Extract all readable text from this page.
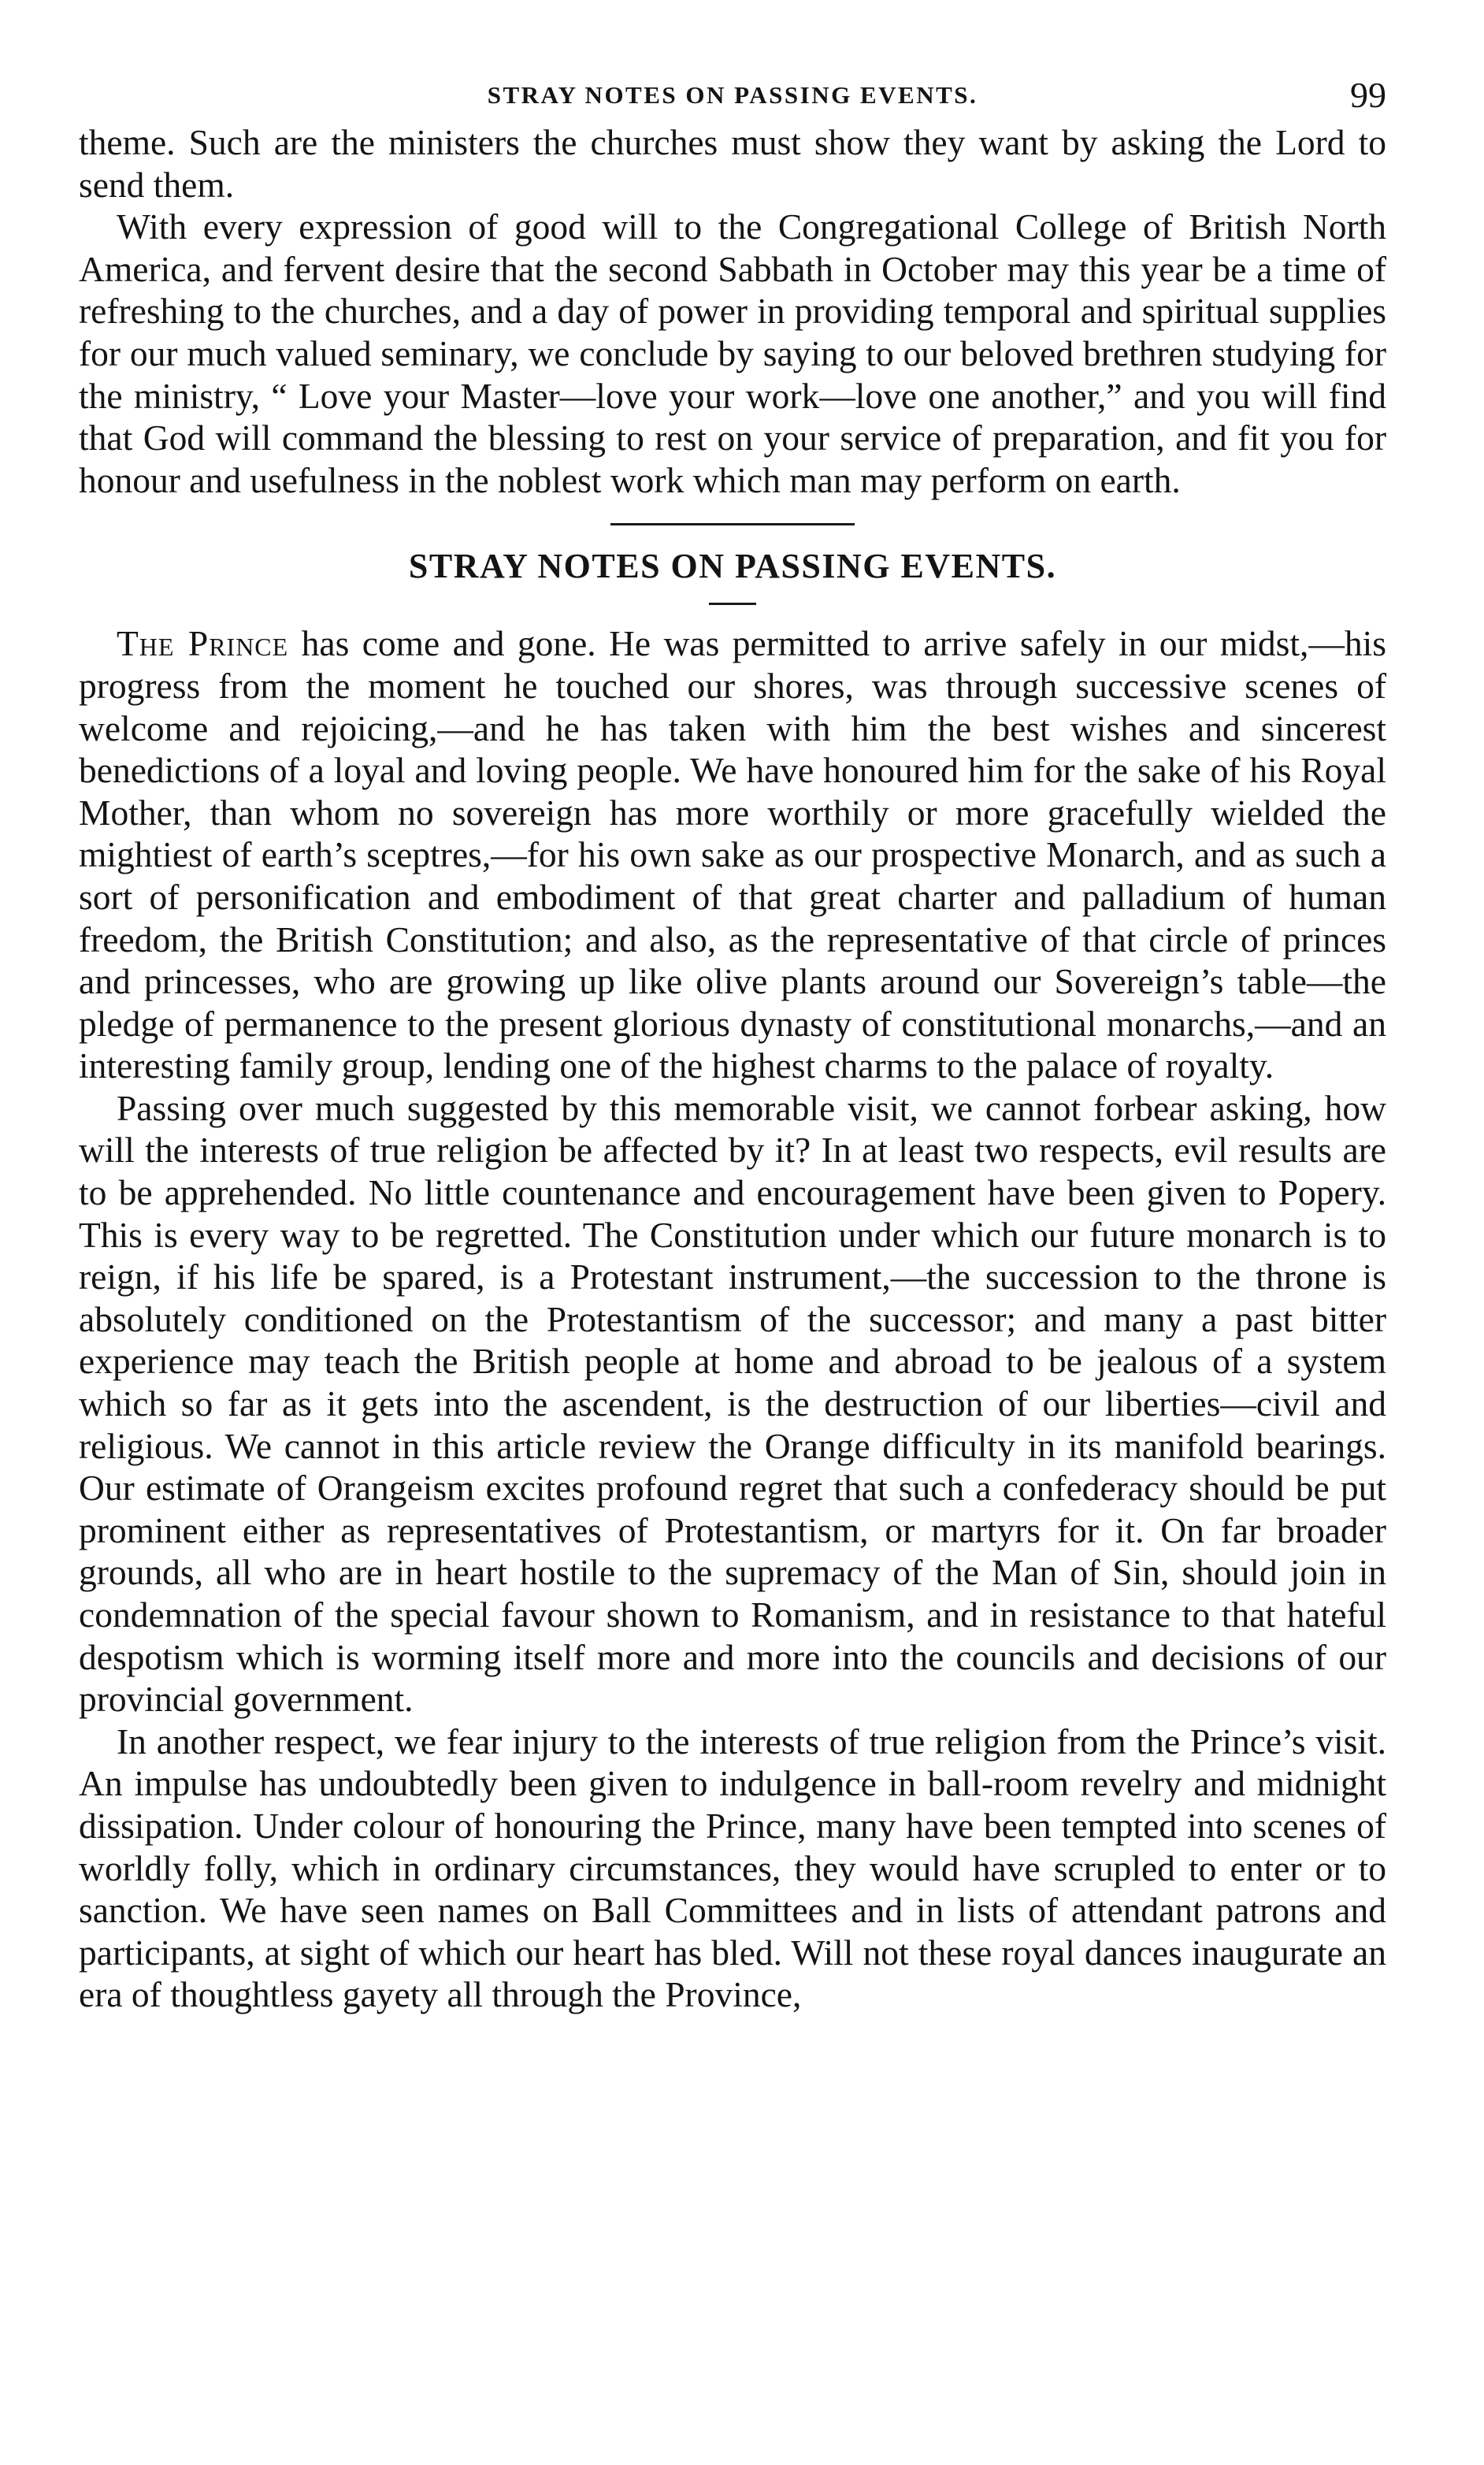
STRAY NOTES ON PASSING EVENTS.	99

theme. Such are the ministers the churches must show they want by asking the Lord to send them.

With every expression of good will to the Congregational College of British North America, and fervent desire that the second Sabbath in October may this year be a time of refreshing to the churches, and a day of power in providing temporal and spiritual supplies for our much valued seminary, we conclude by saying to our beloved brethren studying for the ministry, “ Love your Master—love your work—love one another,” and you will find that God will command the blessing to rest on your service of preparation, and fit you for honour and usefulness in the noblest work which man may perform on earth.

STRAY NOTES ON PASSING EVENTS.

The Prince has come and gone. He was permitted to arrive safely in our midst,—his progress from the moment he touched our shores, was through successive scenes of welcome and rejoicing,—and he has taken with him the best wishes and sincerest benedictions of a loyal and loving people. We have honoured him for the sake of his Royal Mother, than whom no sovereign has more worthily or more gracefully wielded the mightiest of earth’s sceptres,—for his own sake as our prospective Monarch, and as such a sort of personification and embodiment of that great charter and palladium of human freedom, the British Constitution; and also, as the representative of that circle of princes and princesses, who are growing up like olive plants around our Sovereign’s table—the pledge of permanence to the present glorious dynasty of constitutional monarchs,—and an interesting family group, lending one of the highest charms to the palace of royalty.

Passing over much suggested by this memorable visit, we cannot forbear asking, how will the interests of true religion be affected by it? In at least two respects, evil results are to be apprehended. No little countenance and encouragement have been given to Popery. This is every way to be regretted. The Constitution under which our future monarch is to reign, if his life be spared, is a Protestant instrument,—the succession to the throne is absolutely conditioned on the Protestantism of the successor; and many a past bitter experience may teach the British people at home and abroad to be jealous of a system which so far as it gets into the ascendent, is the destruction of our liberties—civil and religious. We cannot in this article review the Orange difficulty in its manifold bearings. Our estimate of Orangeism excites profound regret that such a confederacy should be put prominent either as representatives of Protestantism, or martyrs for it. On far broader grounds, all who are in heart hostile to the supremacy of the Man of Sin, should join in condemnation of the special favour shown to Romanism, and in resistance to that hateful despotism which is worming itself more and more into the councils and decisions of our provincial government.

In another respect, we fear injury to the interests of true religion from the Prince’s visit. An impulse has undoubtedly been given to indulgence in ball-room revelry and midnight dissipation. Under colour of honouring the Prince, many have been tempted into scenes of worldly folly, which in ordinary circumstances, they would have scrupled to enter or to sanction. We have seen names on Ball Committees and in lists of attendant patrons and participants, at sight of which our heart has bled. Will not these royal dances inaugurate an era of thoughtless gayety all through the Province,
